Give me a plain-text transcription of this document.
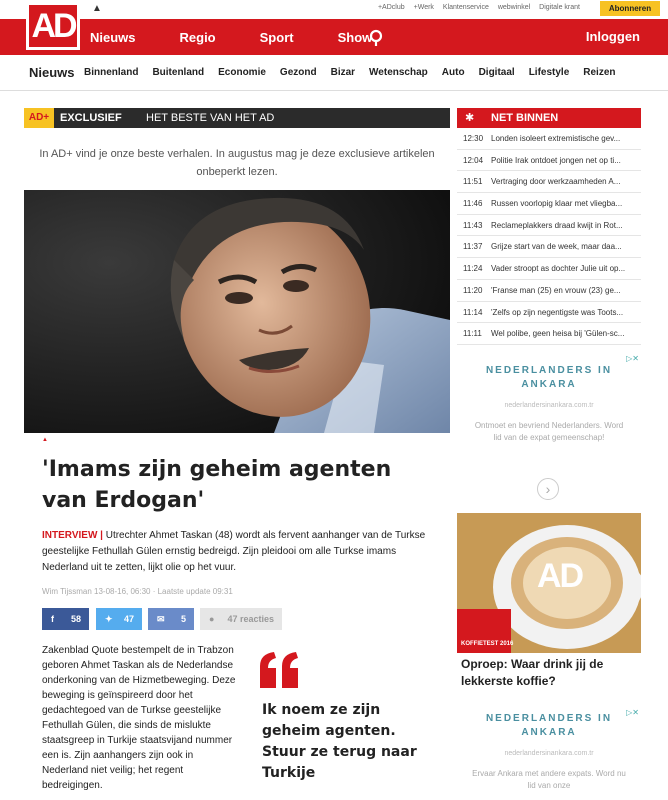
▲	+ADclub +Werk Klantenservice webwinkel Digitale krant	Abonneren
Nieuws	Regio	Sport	Show	Inloggen
AD
Nieuws Binnenland Buitenland Economie Gezond Bizar Wetenschap Auto Digitaal Lifestyle Reizen
AD+ EXCLUSIEF HET BESTE VAN HET AD

In AD+ vind je onze beste verhalen. In augustus mag je deze exclusieve artikelen onbeperkt lezen.

▲
'Imams zijn geheim agenten van Erdogan'

INTERVIEW | Utrechter Ahmet Taskan (48) wordt als fervent aanhanger van de Turkse geestelijke Fethullah Gülen ernstig bedreigd. Zijn pleidooi om alle Turkse imams Nederland uit te zetten, lijkt olie op het vuur.

Wim Tijssman 13-08-16, 06:30 · Laatste update 09:31

f 58	✦ 47	✉ 5	● 47 reacties

Zakenblad Quote bestempelt de in Trabzon geboren Ahmet Taskan als de Nederlandse onderkoning van de Hizmetbeweging. Deze beweging is geïnspireerd door het gedachtegoed van de Turkse geestelijke Fethullah Gülen, die sinds de mislukte staatsgreep in Turkije staatsvijand nummer een is. Zijn aanhangers zijn ook in Nederland niet veilig; het regent bedreigingen.

Ik noem ze zijn geheim agenten. Stuur ze terug naar Turkije

✱ NET BINNEN
12:30 Londen isoleert extremistische gev...
12:04 Politie Irak ontdoet jongen net op ti...
11:51 Vertraging door werkzaamheden A...
11:46 Russen voorlopig klaar met vliegba...
11:43 Reclameplakkers draad kwijt in Rot...
11:37 Grijze start van de week, maar daa...
11:24 Vader stroopt as dochter Julie uit op...
11:20 'Franse man (25) en vrouw (23) ge...
11:14 'Zelfs op zijn negentigste was Toots...
11:11 Wel polibe, geen heisa bij 'Gülen-sc...
▷✕
NEDERLANDERS IN ANKARA
nederlandersinankara.com.tr
Ontmoet en bevriend Nederlanders. Word lid van de expat gemeenschap!
›
AD
KOFFIETEST 2016

Oproep: Waar drink jij de lekkerste koffie?

▷✕
NEDERLANDERS IN ANKARA
nederlandersinankara.com.tr
Ervaar Ankara met andere expats. Word nu lid van onze
